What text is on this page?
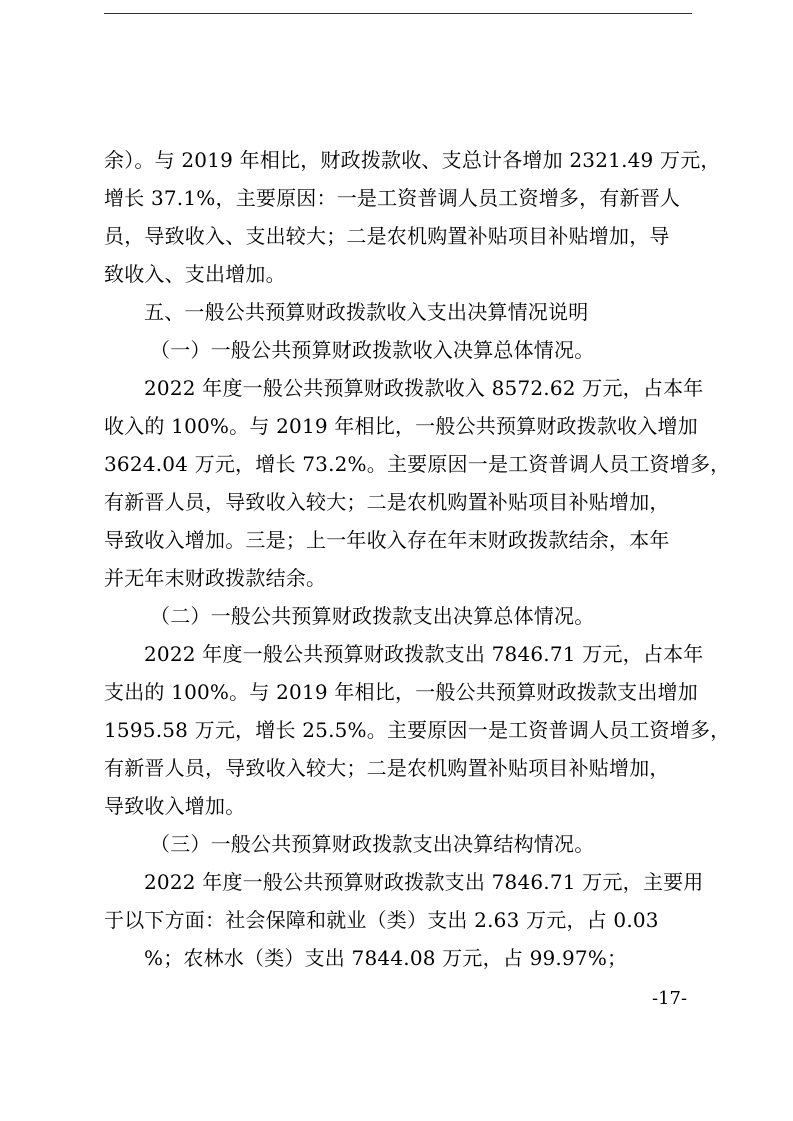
余）。与 2019 年相比，财政拨款收、支总计各增加 2321.49 万元，
增长 37.1%，主要原因：一是工资普调人员工资增多，有新晋人
员，导致收入、支出较大；二是农机购置补贴项目补贴增加，导
致收入、支出增加。
五、一般公共预算财政拨款收入支出决算情况说明
（一）一般公共预算财政拨款收入决算总体情况。
2022 年度一般公共预算财政拨款收入 8572.62 万元，占本年
收入的 100%。与 2019 年相比，一般公共预算财政拨款收入增加
3624.04 万元，增长 73.2%。主要原因一是工资普调人员工资增多，
有新晋人员，导致收入较大；二是农机购置补贴项目补贴增加，
导致收入增加。三是；上一年收入存在年末财政拨款结余，本年
并无年末财政拨款结余。
（二）一般公共预算财政拨款支出决算总体情况。
2022 年度一般公共预算财政拨款支出 7846.71 万元，占本年
支出的 100%。与 2019 年相比，一般公共预算财政拨款支出增加
1595.58 万元，增长 25.5%。主要原因一是工资普调人员工资增多，
有新晋人员，导致收入较大；二是农机购置补贴项目补贴增加，
导致收入增加。
（三）一般公共预算财政拨款支出决算结构情况。
2022 年度一般公共预算财政拨款支出 7846.71 万元，主要用
于以下方面：社会保障和就业（类）支出 2.63 万元，占 0.03
%；农林水（类）支出 7844.08 万元，占 99.97%；
-17-
